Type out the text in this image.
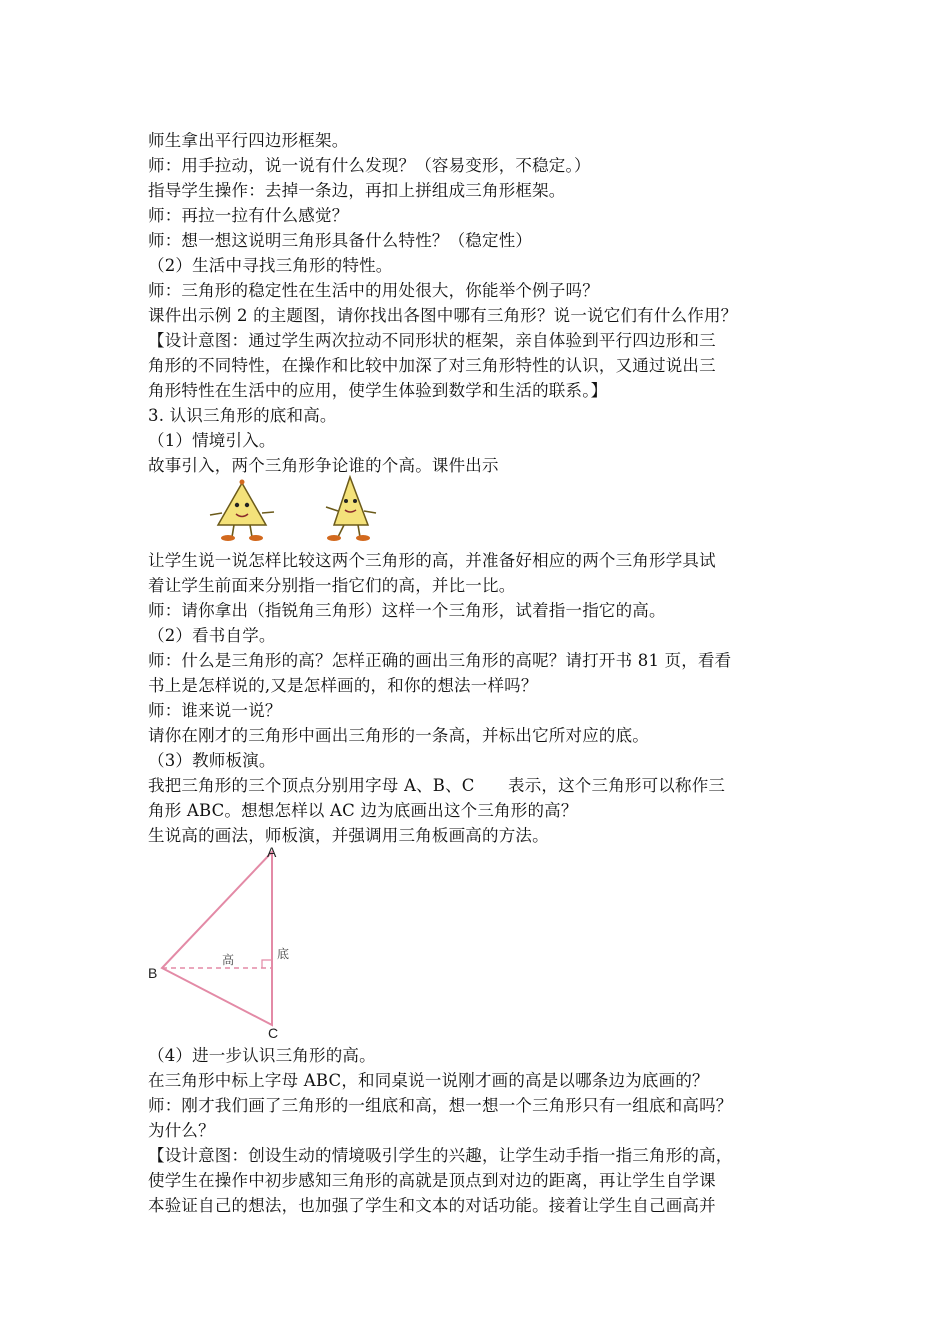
师生拿出平行四边形框架。
师：用手拉动，说一说有什么发现？（容易变形，不稳定。）
指导学生操作：去掉一条边，再扣上拼组成三角形框架。
师：再拉一拉有什么感觉？
师：想一想这说明三角形具备什么特性？（稳定性）
（2）生活中寻找三角形的特性。
师：三角形的稳定性在生活中的用处很大，你能举个例子吗？
课件出示例 2 的主题图，请你找出各图中哪有三角形？说一说它们有什么作用？
【设计意图：通过学生两次拉动不同形状的框架，亲自体验到平行四边形和三
角形的不同特性，在操作和比较中加深了对三角形特性的认识，又通过说出三
角形特性在生活中的应用，使学生体验到数学和生活的联系。】
3. 认识三角形的底和高。
（1）情境引入。
故事引入，两个三角形争论谁的个高。课件出示
让学生说一说怎样比较这两个三角形的高，并准备好相应的两个三角形学具试
着让学生前面来分别指一指它们的高，并比一比。
师：请你拿出（指锐角三角形）这样一个三角形，试着指一指它的高。
（2）看书自学。
师：什么是三角形的高？怎样正确的画出三角形的高呢？请打开书 81 页，看看
书上是怎样说的,又是怎样画的，和你的想法一样吗？
师：谁来说一说？
请你在刚才的三角形中画出三角形的一条高，并标出它所对应的底。
（3）教师板演。
我把三角形的三个顶点分别用字母 A、B、C　　表示，这个三角形可以称作三
角形 ABC。想想怎样以 AC 边为底画出这个三角形的高？
生说高的画法，师板演，并强调用三角板画高的方法。
A
B
C
高	底
（4）进一步认识三角形的高。
在三角形中标上字母 ABC，和同桌说一说刚才画的高是以哪条边为底画的？
师：刚才我们画了三角形的一组底和高，想一想一个三角形只有一组底和高吗？
为什么？
【设计意图：创设生动的情境吸引学生的兴趣，让学生动手指一指三角形的高，
使学生在操作中初步感知三角形的高就是顶点到对边的距离，再让学生自学课
本验证自己的想法，也加强了学生和文本的对话功能。接着让学生自己画高并
